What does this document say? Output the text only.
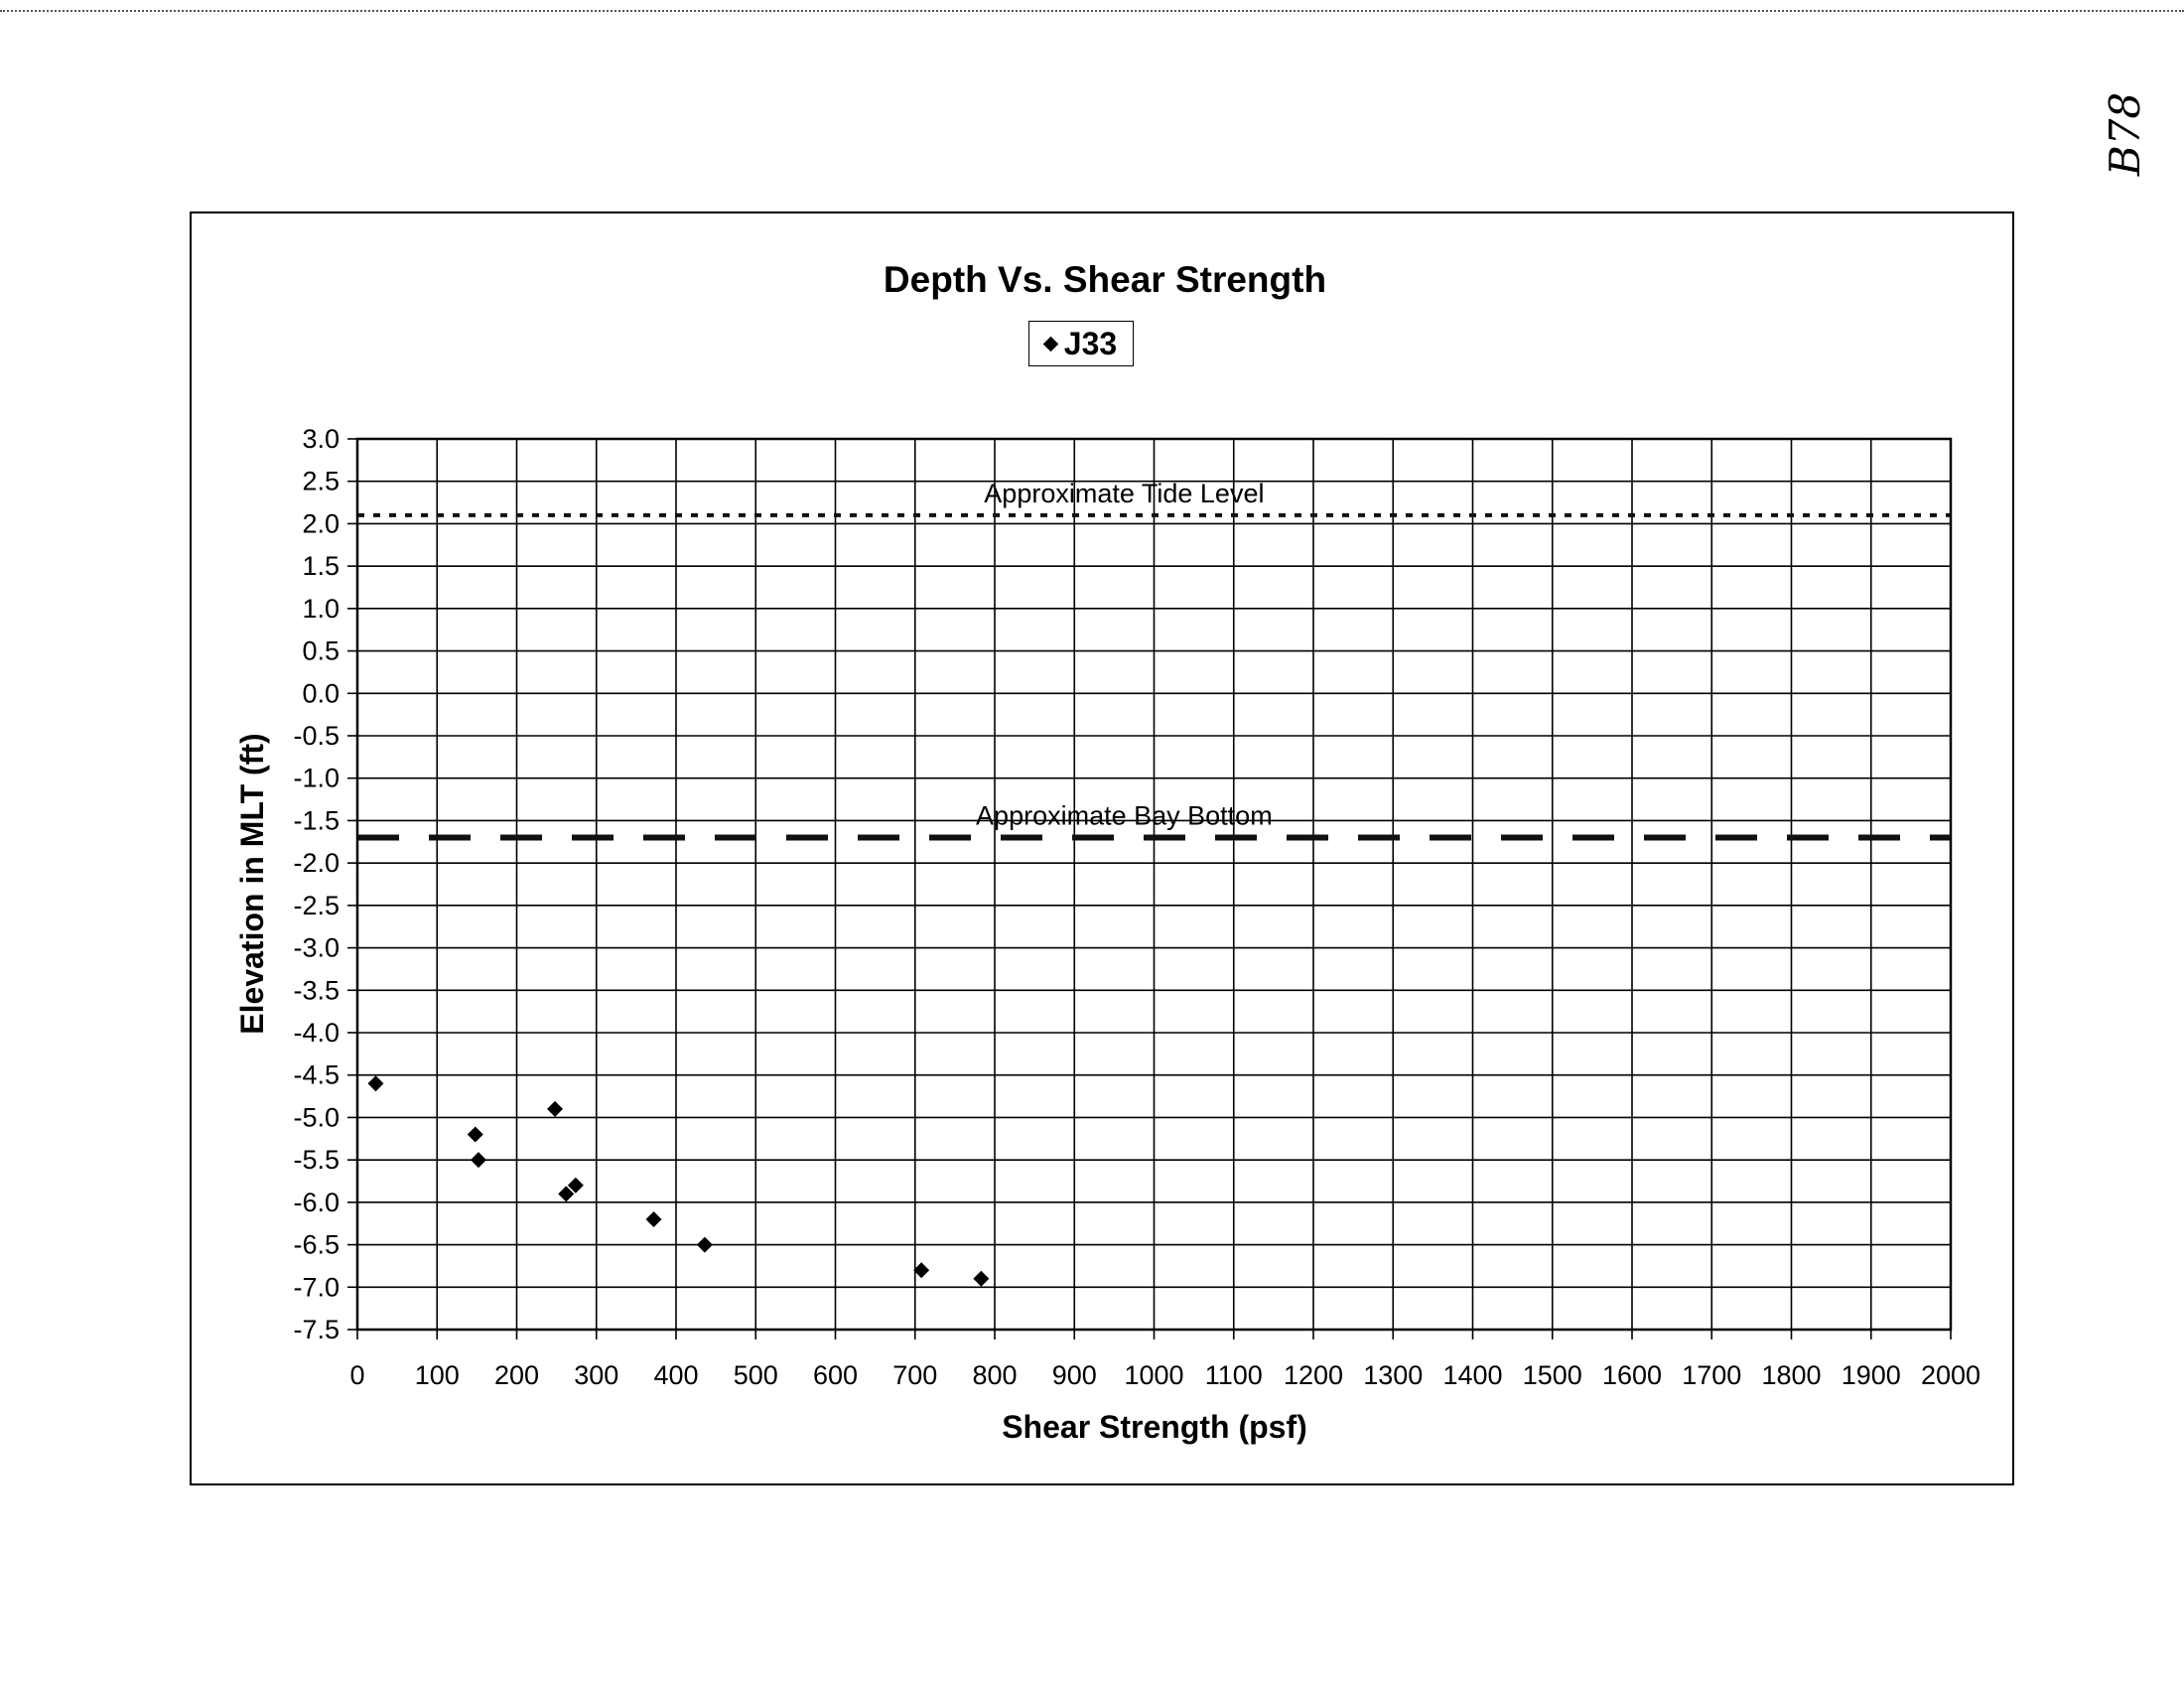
B78
Depth Vs. Shear Strength
Approximate Tide Level
Approximate Bay Bottom
0 100 200 300 400 500 600 700 800 900 1000 1100 1200 1300 1400 1500 1600 1700 1800 1900 2000
3.0
2.5
2.0
1.5
1.0
0.5
0.0
-0.5
-1.0
-1.5
-2.0
-2.5
-3.0
-3.5
-4.0
-4.5
-5.0
-5.5
-6.0
-6.5
-7.0
-7.5
Shear Strength (psf)
Elevation in MLT (ft)
J33
